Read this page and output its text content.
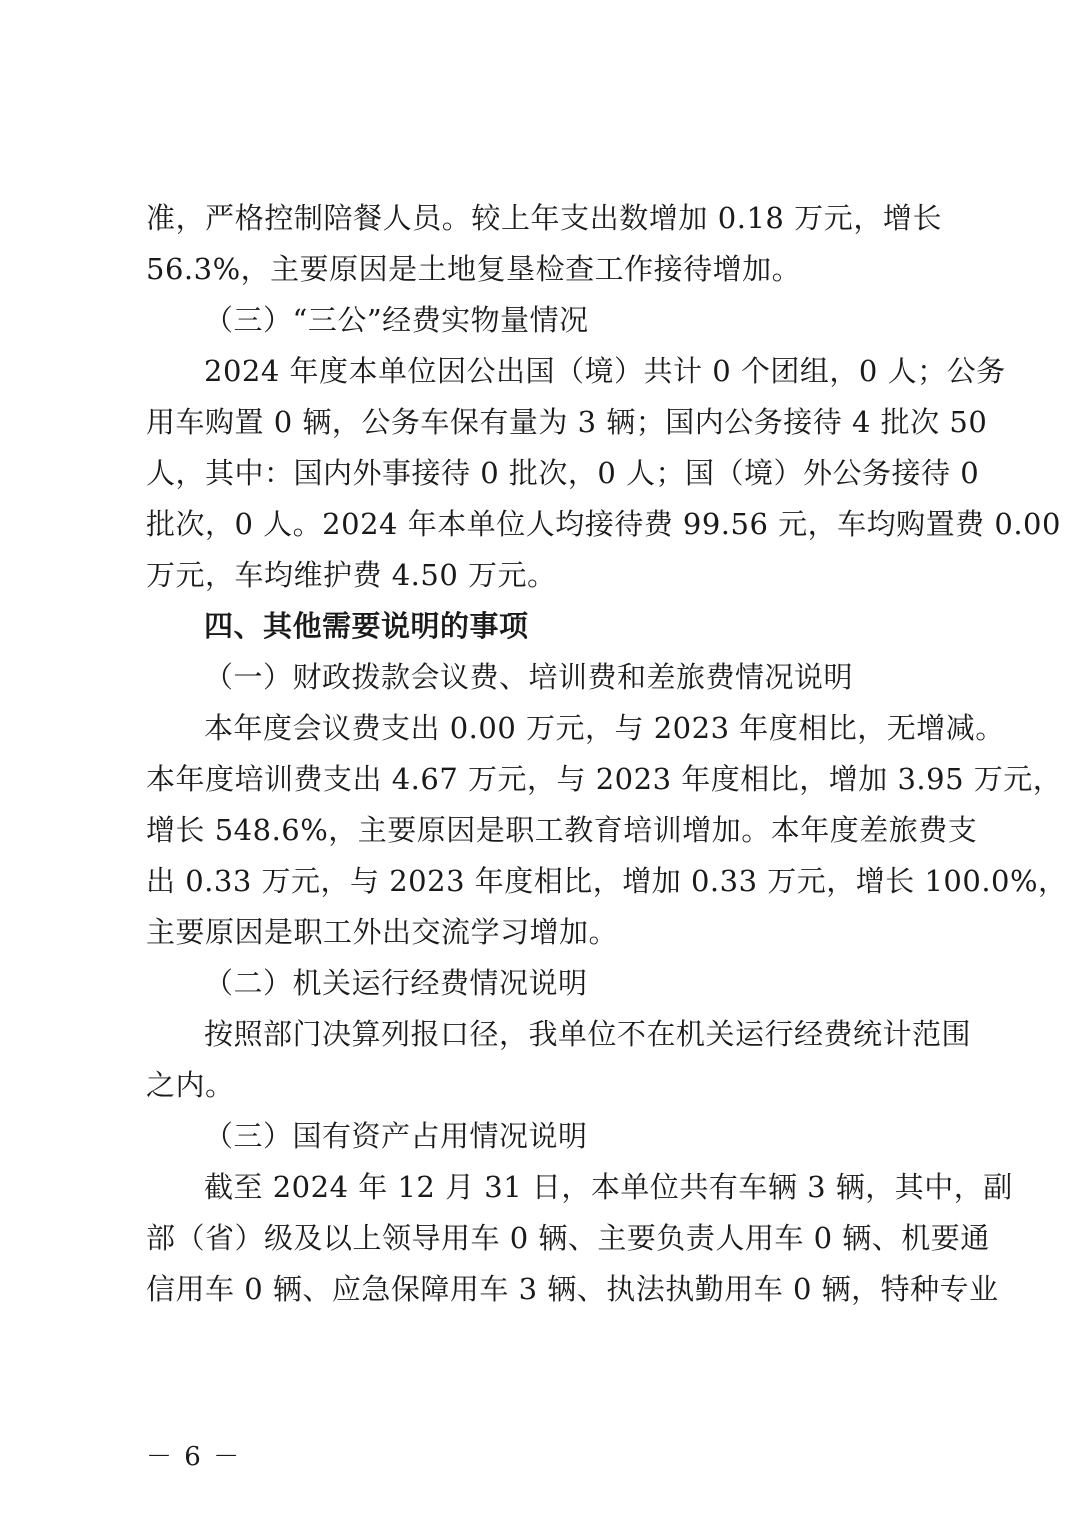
准，严格控制陪餐人员。较上年支出数增加 0.18 万元，增长
56.3%，主要原因是土地复垦检查工作接待增加。
（三）“三公”经费实物量情况
2024 年度本单位因公出国（境）共计 0 个团组，0 人；公务
用车购置 0 辆，公务车保有量为 3 辆；国内公务接待 4 批次 50
人，其中：国内外事接待 0 批次，0 人；国（境）外公务接待 0
批次，0 人。2024 年本单位人均接待费 99.56 元，车均购置费 0.00
万元，车均维护费 4.50 万元。
四、其他需要说明的事项
（一）财政拨款会议费、培训费和差旅费情况说明
本年度会议费支出 0.00 万元，与 2023 年度相比，无增减。
本年度培训费支出 4.67 万元，与 2023 年度相比，增加 3.95 万元，
增长 548.6%，主要原因是职工教育培训增加。本年度差旅费支
出 0.33 万元，与 2023 年度相比，增加 0.33 万元，增长 100.0%，
主要原因是职工外出交流学习增加。
（二）机关运行经费情况说明
按照部门决算列报口径，我单位不在机关运行经费统计范围
之内。
（三）国有资产占用情况说明
截至 2024 年 12 月 31 日，本单位共有车辆 3 辆，其中，副
部（省）级及以上领导用车 0 辆、主要负责人用车 0 辆、机要通
信用车 0 辆、应急保障用车 3 辆、执法执勤用车 0 辆，特种专业
－ 6 －
